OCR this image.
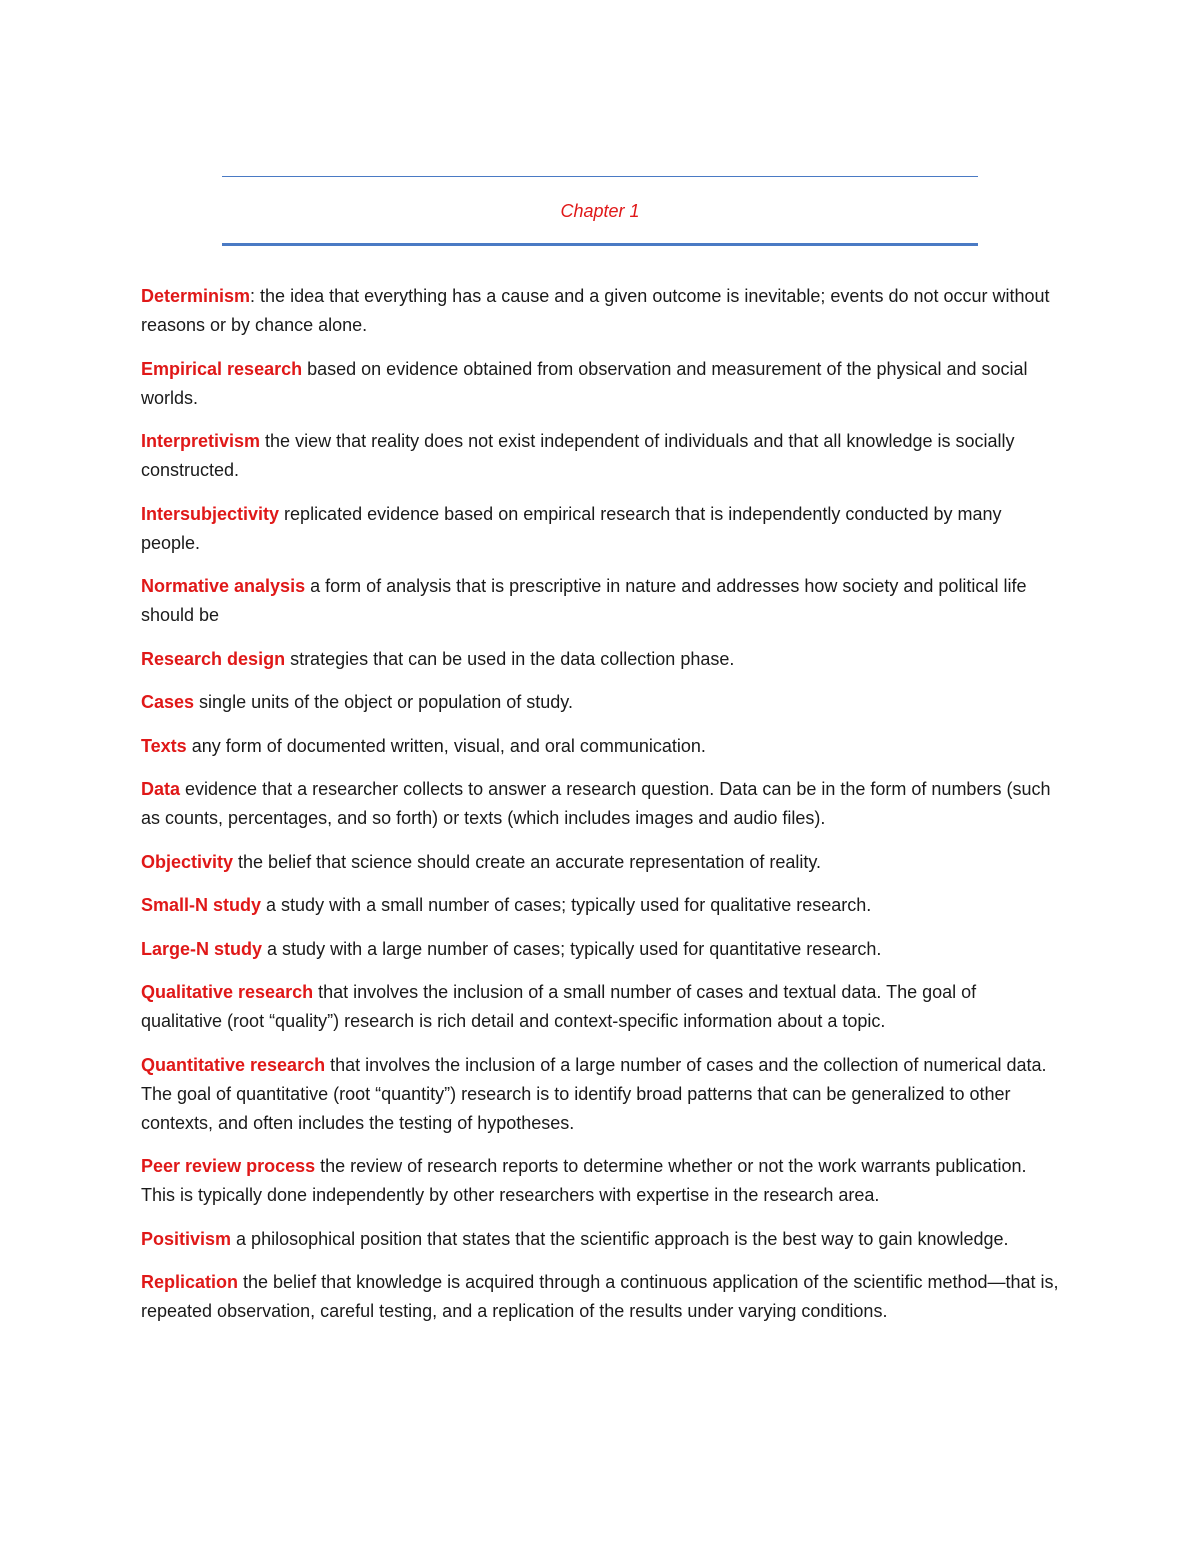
Chapter 1

Determinism: the idea that everything has a cause and a given outcome is inevitable; events do not occur without reasons or by chance alone.

Empirical research based on evidence obtained from observation and measurement of the physical and social worlds.

Interpretivism the view that reality does not exist independent of individuals and that all knowledge is socially constructed.

Intersubjectivity replicated evidence based on empirical research that is independently conducted by many people.

Normative analysis a form of analysis that is prescriptive in nature and addresses how society and political life should be

Research design strategies that can be used in the data collection phase.

Cases single units of the object or population of study.

Texts any form of documented written, visual, and oral communication.

Data evidence that a researcher collects to answer a research question. Data can be in the form of numbers (such as counts, percentages, and so forth) or texts (which includes images and audio files).

Objectivity the belief that science should create an accurate representation of reality.

Small-N study a study with a small number of cases; typically used for qualitative research.

Large-N study a study with a large number of cases; typically used for quantitative research.

Qualitative research that involves the inclusion of a small number of cases and textual data. The goal of qualitative (root “quality”) research is rich detail and context-specific information about a topic.

Quantitative research that involves the inclusion of a large number of cases and the collection of numerical data. The goal of quantitative (root “quantity”) research is to identify broad patterns that can be generalized to other contexts, and often includes the testing of hypotheses.

Peer review process the review of research reports to determine whether or not the work warrants publication. This is typically done independently by other researchers with expertise in the research area.

Positivism a philosophical position that states that the scientific approach is the best way to gain knowledge.

Replication the belief that knowledge is acquired through a continuous application of the scientific method—that is, repeated observation, careful testing, and a replication of the results under varying conditions.
